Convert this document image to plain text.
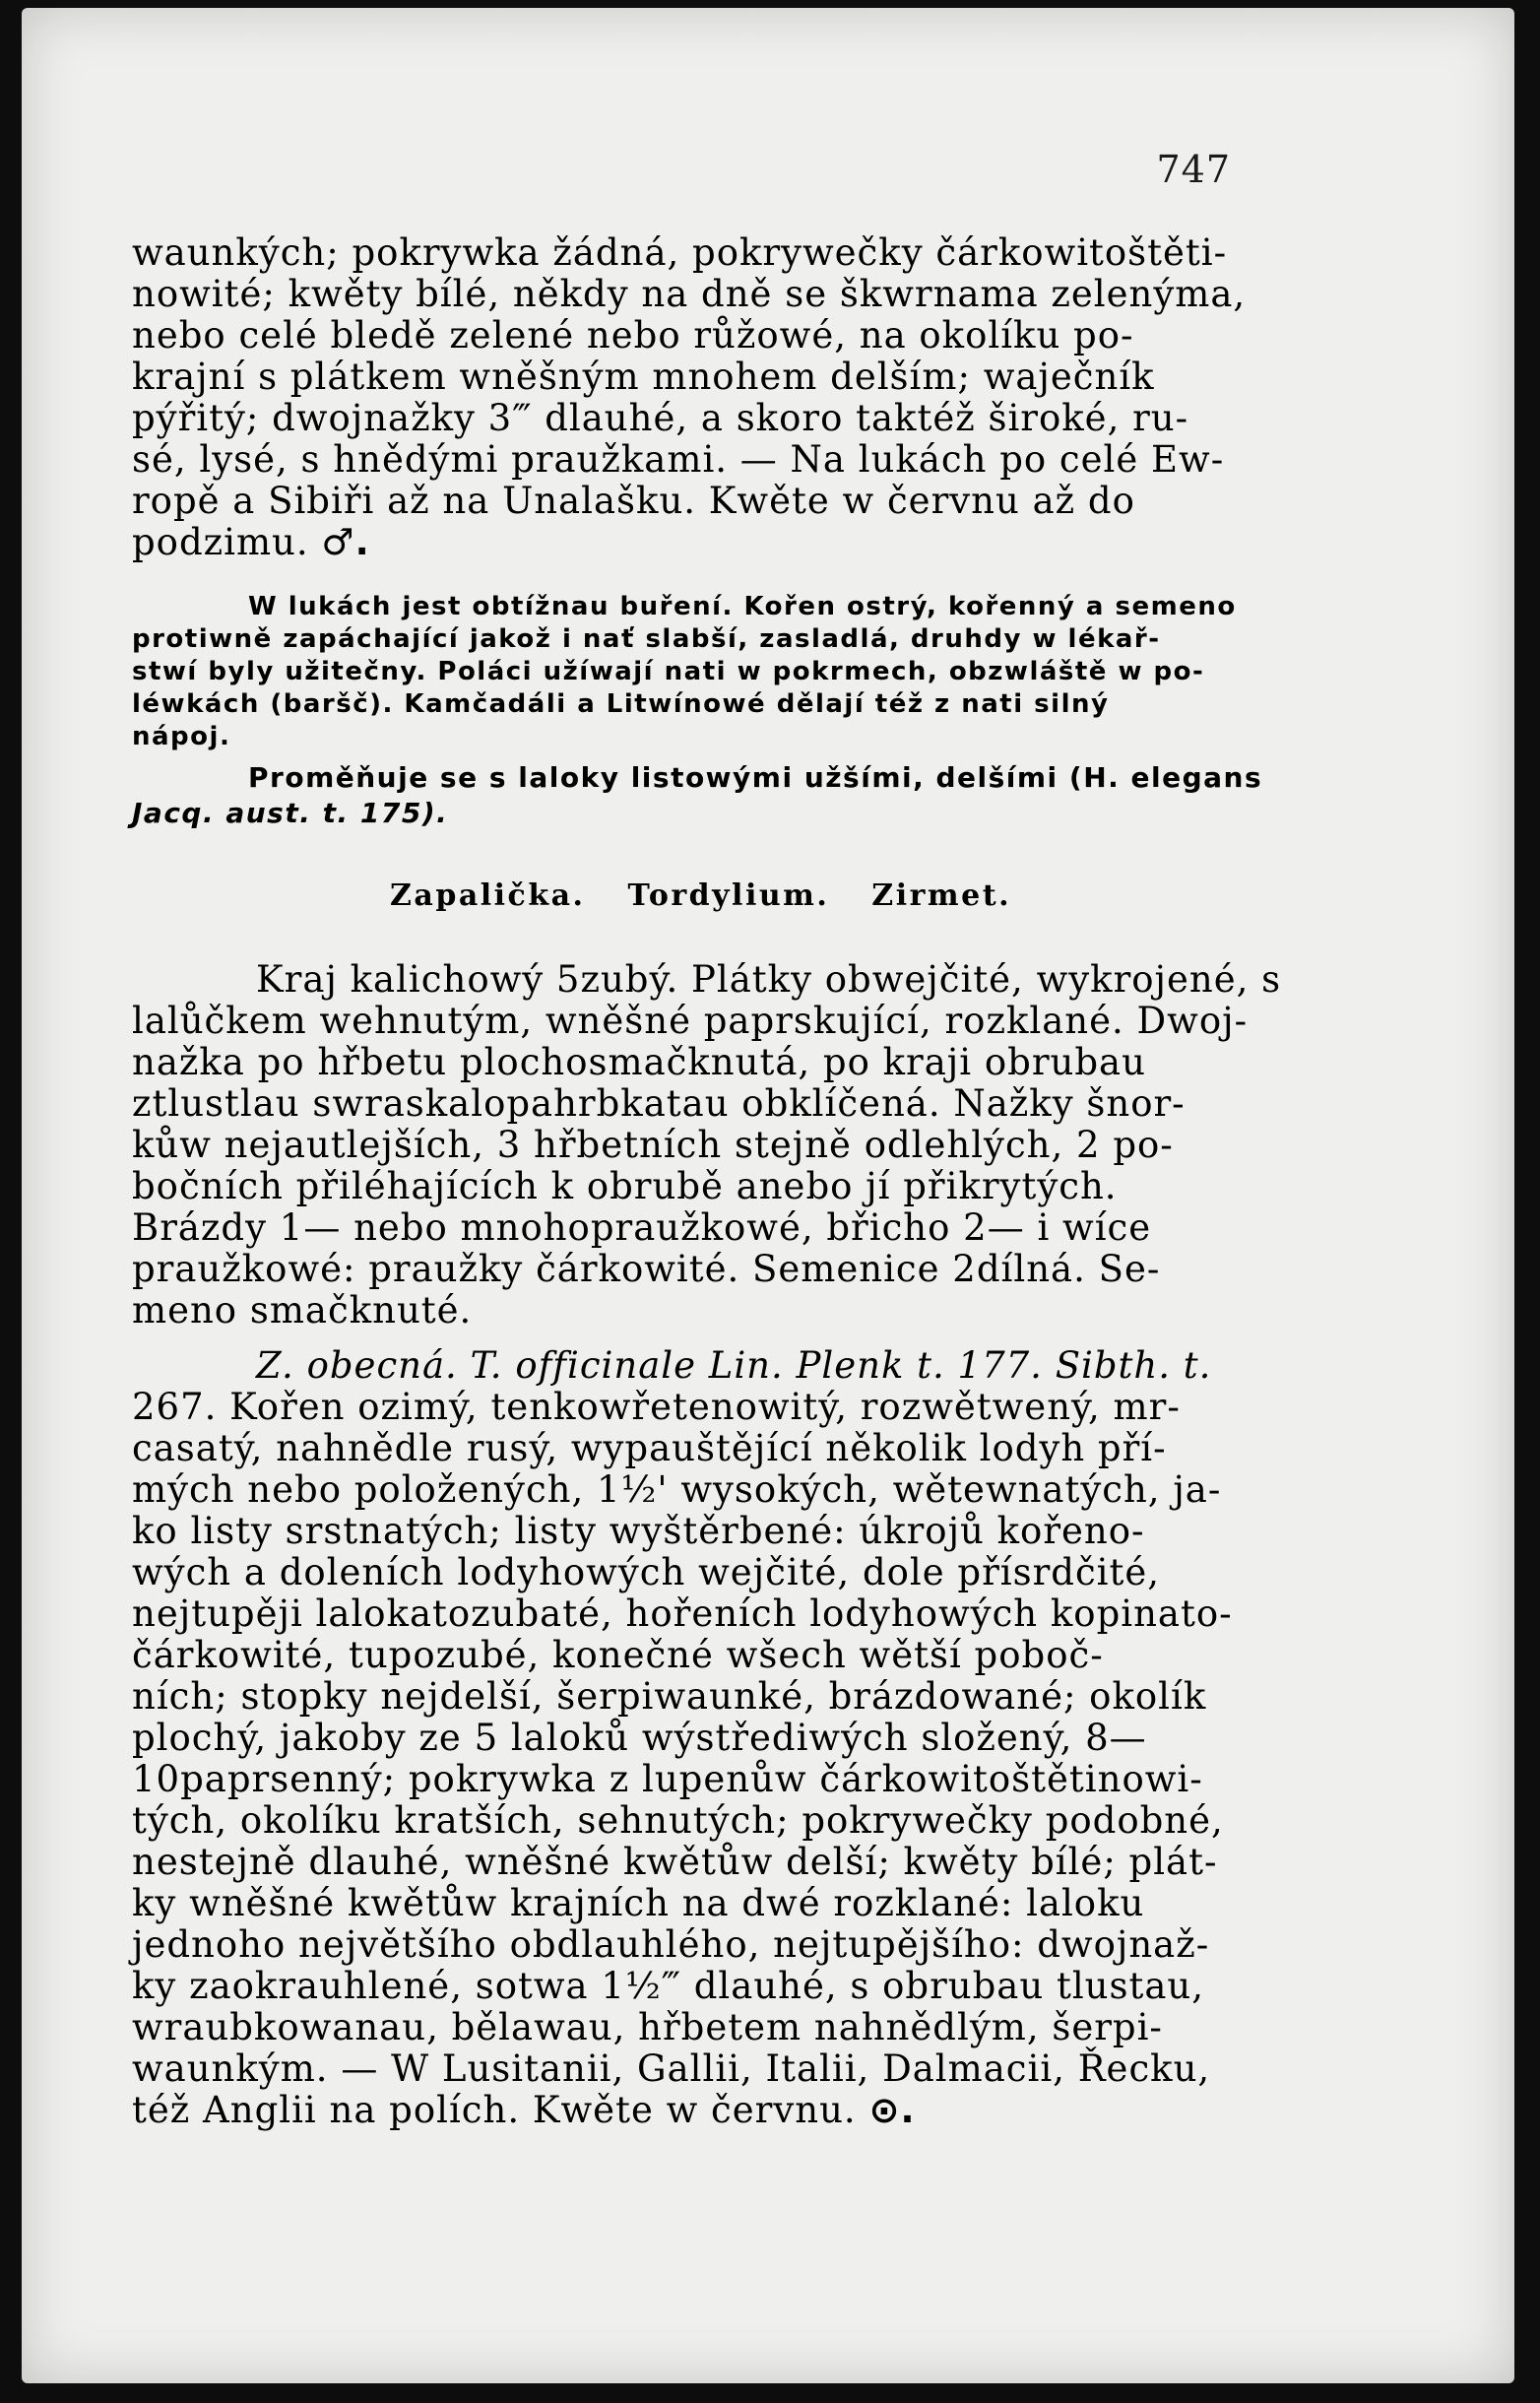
747
waunkých; pokrywka žádná, pokrywečky čárkowitoštěti-
nowité; kwěty bílé, někdy na dně se škwrnama zelenýma,
nebo celé bledě zelené nebo růžowé, na okolíku po-
krajní s plátkem wněšným mnohem delším; waječník
pýřitý; dwojnažky 3‴ dlauhé, a skoro taktéž široké, ru-
sé, lysé, s hnědými praužkami. — Na lukách po celé Ew-
ropě a Sibiři až na Unalašku. Kwěte w červnu až do
podzimu. ♂.
W lukách jest obtížnau buření. Kořen ostrý, kořenný a semeno
protiwně zapáchající jakož i nať slabší, zasladlá, druhdy w lékař-
stwí byly užitečny. Poláci užíwají nati w pokrmech, obzwláště w po-
léwkách (baršč). Kamčadáli a Litwínowé dělají též z nati silný
nápoj.
Proměňuje se s laloky listowými užšími, delšími (H. elegans
Jacq. aust. t. 175).
Zapalička. Tordylium. Zirmet.
Kraj kalichowý 5zubý. Plátky obwejčité, wykrojené, s
lalůčkem wehnutým, wněšné paprskující, rozklané. Dwoj-
nažka po hřbetu plochosmačknutá, po kraji obrubau
ztlustlau swraskalopahrbkatau obklíčená. Nažky šnor-
kůw nejautlejších, 3 hřbetních stejně odlehlých, 2 po-
bočních přiléhajících k obrubě anebo jí přikrytých.
Brázdy 1— nebo mnohopraužkowé, břicho 2— i wíce
praužkowé: praužky čárkowité. Semenice 2dílná. Se-
meno smačknuté.
Z. obecná. T. officinale Lin. Plenk t. 177. Sibth. t.
267. Kořen ozimý, tenkowřetenowitý, rozwětwený, mr-
casatý, nahnědle rusý, wypauštějící několik lodyh pří-
mých nebo položených, 1½' wysokých, wětewnatých, ja-
ko listy srstnatých; listy wyštěrbené: úkrojů kořeno-
wých a doleních lodyhowých wejčité, dole přísrdčité,
nejtupěji lalokatozubaté, hořeních lodyhowých kopinato-
čárkowité, tupozubé, konečné wšech wětší poboč-
ních; stopky nejdelší, šerpiwaunké, brázdowané; okolík
plochý, jakoby ze 5 laloků wýstřediwých složený, 8—
10paprsenný; pokrywka z lupenůw čárkowitoštětinowi-
tých, okolíku kratších, sehnutých; pokrywečky podobné,
nestejně dlauhé, wněšné kwětůw delší; kwěty bílé; plát-
ky wněšné kwětůw krajních na dwé rozklané: laloku
jednoho největšího obdlauhlého, nejtupějšího: dwojnaž-
ky zaokrauhlené, sotwa 1½‴ dlauhé, s obrubau tlustau,
wraubkowanau, bělawau, hřbetem nahnědlým, šerpi-
waunkým. — W Lusitanii, Gallii, Italii, Dalmacii, Řecku,
též Anglii na polích. Kwěte w červnu. ⊙.
